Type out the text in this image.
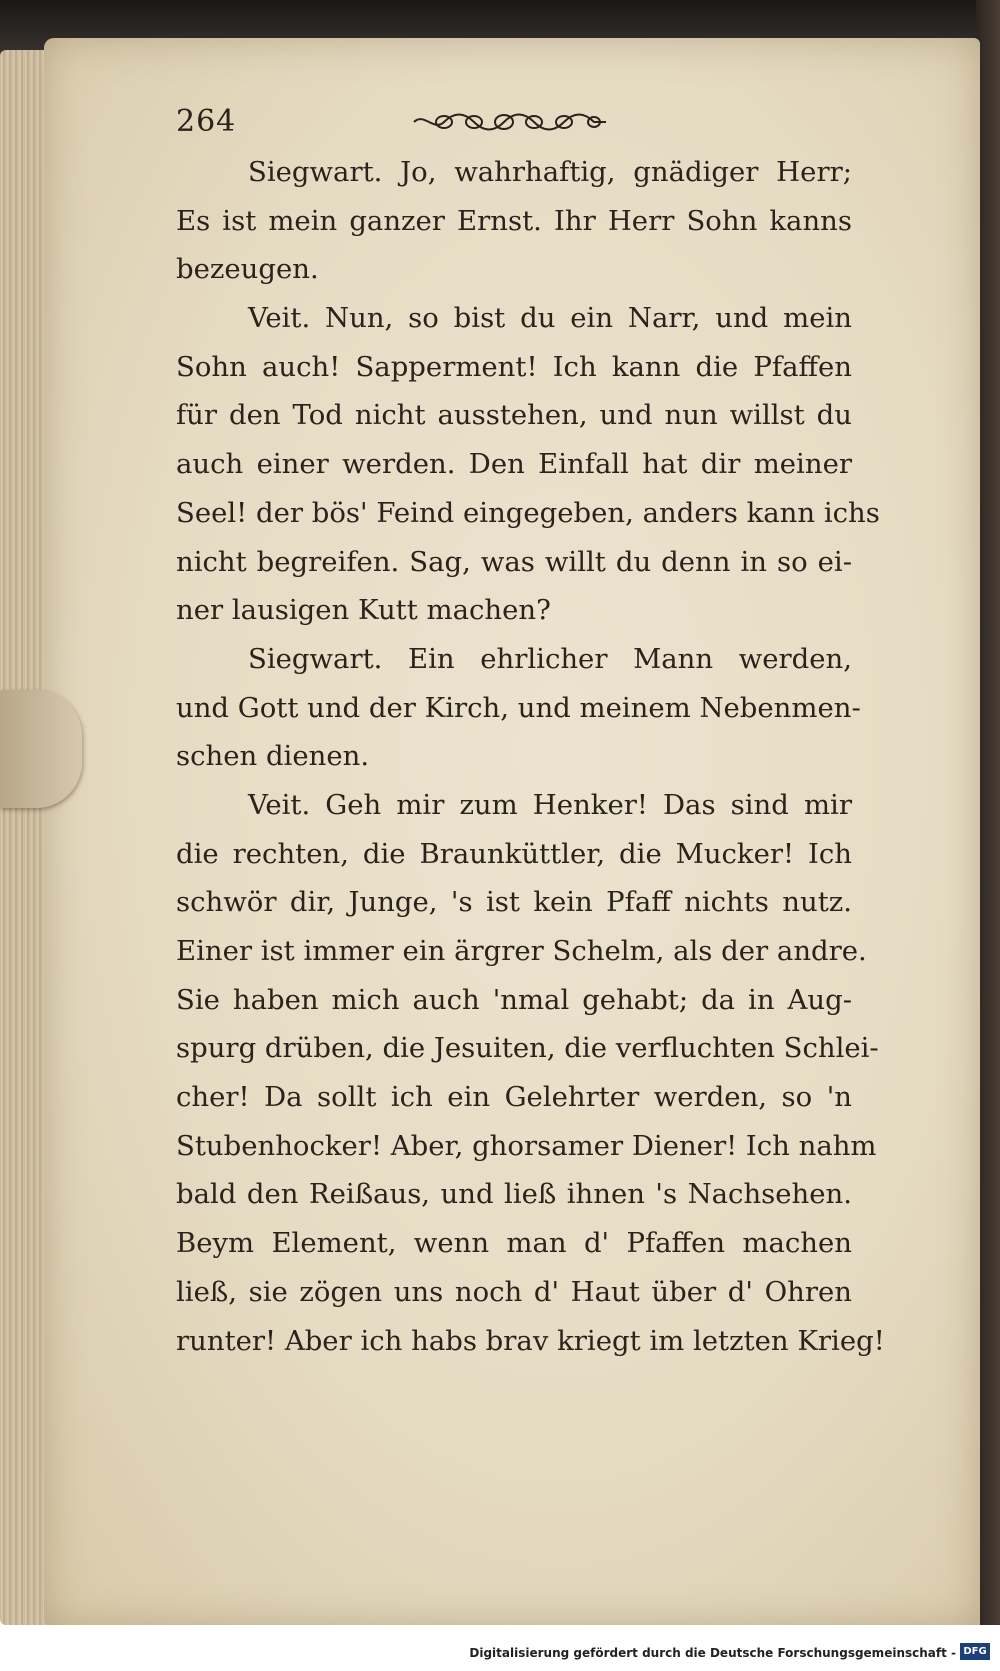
264
Siegwart. Jo, wahrhaftig, gnädiger Herr;
Es ist mein ganzer Ernst. Ihr Herr Sohn kanns
bezeugen.
Veit. Nun, so bist du ein Narr, und mein
Sohn auch! Sapperment! Ich kann die Pfaffen
für den Tod nicht ausstehen, und nun willst du
auch einer werden. Den Einfall hat dir meiner
Seel! der bös' Feind eingegeben, anders kann ichs
nicht begreifen. Sag, was willt du denn in so ei-
ner lausigen Kutt machen?
Siegwart. Ein ehrlicher Mann werden,
und Gott und der Kirch, und meinem Nebenmen-
schen dienen.
Veit. Geh mir zum Henker! Das sind mir
die rechten, die Braunküttler, die Mucker! Ich
schwör dir, Junge, 's ist kein Pfaff nichts nutz.
Einer ist immer ein ärgrer Schelm, als der andre.
Sie haben mich auch 'nmal gehabt; da in Aug-
spurg drüben, die Jesuiten, die verfluchten Schlei-
cher! Da sollt ich ein Gelehrter werden, so 'n
Stubenhocker! Aber, ghorsamer Diener! Ich nahm
bald den Reißaus, und ließ ihnen 's Nachsehen.
Beym Element, wenn man d' Pfaffen machen
ließ, sie zögen uns noch d' Haut über d' Ohren
runter! Aber ich habs brav kriegt im letzten Krieg!
Digitalisierung gefördert durch die Deutsche Forschungsgemeinschaft - DFG
